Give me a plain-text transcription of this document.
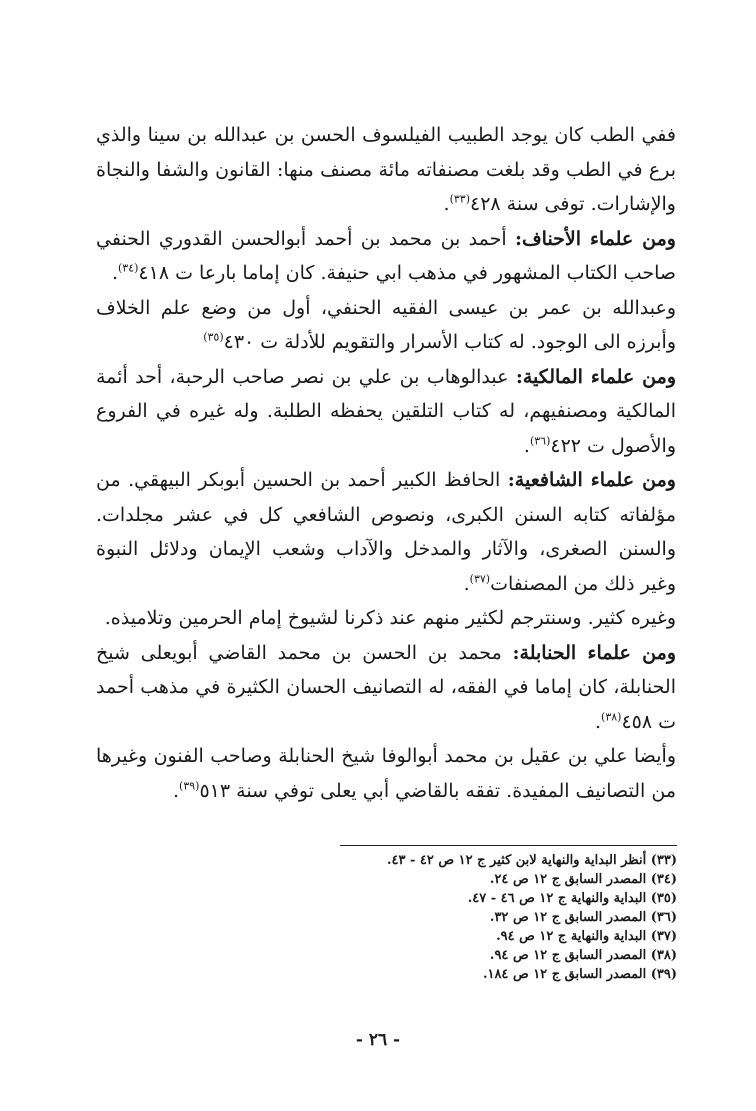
ففي الطب كان يوجد الطبيب الفيلسوف الحسن بن عبدالله بن سينا والذي برع في الطب وقد بلغت مصنفاته مائة مصنف منها: القانون والشفا والنجاة والإشارات. توفى سنة ٤٢٨$^{(٣٣)}$.

ومن علماء الأحناف: أحمد بن محمد بن أحمد أبوالحسن القدوري الحنفي صاحب الكتاب المشهور في مذهب ابي حنيفة. كان إماما بارعا ت ٤١٨$^{(٣٤)}$.

وعبدالله بن عمر بن عيسى الفقيه الحنفي، أول من وضع علم الخلاف وأبرزه الى الوجود. له كتاب الأسرار والتقويم للأدلة ت ٤٣٠$^{(٣٥)}$

ومن علماء المالكية: عبدالوهاب بن علي بن نصر صاحب الرحبة، أحد أئمة المالكية ومصنفيهم، له كتاب التلقين يحفظه الطلبة. وله غيره في الفروع والأصول ت ٤٢٢$^{(٣٦)}$.

ومن علماء الشافعية: الحافظ الكبير أحمد بن الحسين أبوبكر البيهقي. من مؤلفاته كتابه السنن الكبرى، ونصوص الشافعي كل في عشر مجلدات. والسنن الصغرى، والآثار والمدخل والآداب وشعب الإيمان ودلائل النبوة وغير ذلك من المصنفات$^{(٣٧)}$.

وغيره كثير. وسنترجم لكثير منهم عند ذكرنا لشيوخ إمام الحرمين وتلاميذه.

ومن علماء الحنابلة: محمد بن الحسن بن محمد القاضي أبويعلى شيخ الحنابلة، كان إماما في الفقه، له التصانيف الحسان الكثيرة في مذهب أحمد ت ٤٥٨$^{(٣٨)}$.

وأيضا علي بن عقيل بن محمد أبوالوفا شيخ الحنابلة وصاحب الفنون وغيرها من التصانيف المفيدة. تفقه بالقاضي أبي يعلى توفي سنة ٥١٣$^{(٣٩)}$.

(٣٣) أنظر البداية والنهاية لابن كثير ج ١٢ ص ٤٢ - ٤٣.

(٣٤) المصدر السابق ج ١٢ ص ٢٤.

(٣٥) البداية والنهاية ج ١٢ ص ٤٦ - ٤٧.

(٣٦) المصدر السابق ج ١٢ ص ٣٢.

(٣٧) البداية والنهاية ج ١٢ ص ٩٤.

(٣٨) المصدر السابق ج ١٢ ص ٩٤.

(٣٩) المصدر السابق ج ١٢ ص ١٨٤.

- ٢٦ -
